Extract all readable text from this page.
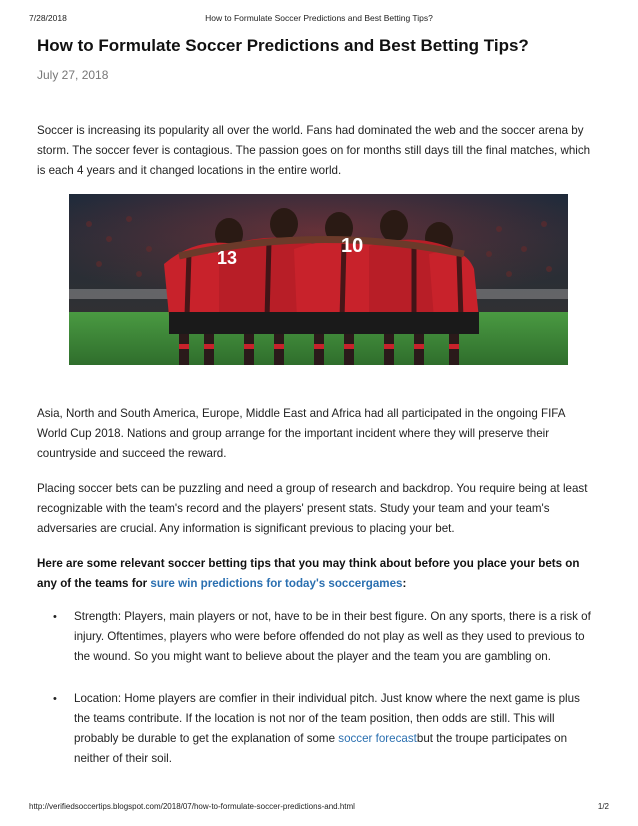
7/28/2018	How to Formulate Soccer Predictions and Best Betting Tips?
How to Formulate Soccer Predictions and Best Betting Tips?
July 27, 2018

Soccer is increasing its popularity all over the world. Fans had dominated the web and the soccer arena by storm. The soccer fever is contagious. The passion goes on for months still days till the final matches, which is each 4 years and it changed locations in the entire world.

13
10

Asia, North and South America, Europe, Middle East and Africa had all participated in the ongoing FIFA World Cup 2018. Nations and group arrange for the important incident where they will preserve their countryside and succeed the reward.

Placing soccer bets can be puzzling and need a group of research and backdrop. You require being at least recognizable with the team's record and the players' present stats. Study your team and your team's adversaries are crucial. Any information is significant previous to placing your bet.

Here are some relevant soccer betting tips that you may think about before you place your bets on any of the teams for sure win predictions for today's soccergames:

• Strength: Players, main players or not, have to be in their best figure. On any sports, there is a risk of injury. Oftentimes, players who were before offended do not play as well as they used to previous to the wound. So you might want to believe about the player and the team you are gambling on.
• Location: Home players are comfier in their individual pitch. Just know where the next game is plus the teams contribute. If the location is not nor of the team position, then odds are still. This will probably be durable to get the explanation of some soccer forecastbut the troupe participates on neither of their soil.
http://verifiedsoccertips.blogspot.com/2018/07/how-to-formulate-soccer-predictions-and.html	1/2
